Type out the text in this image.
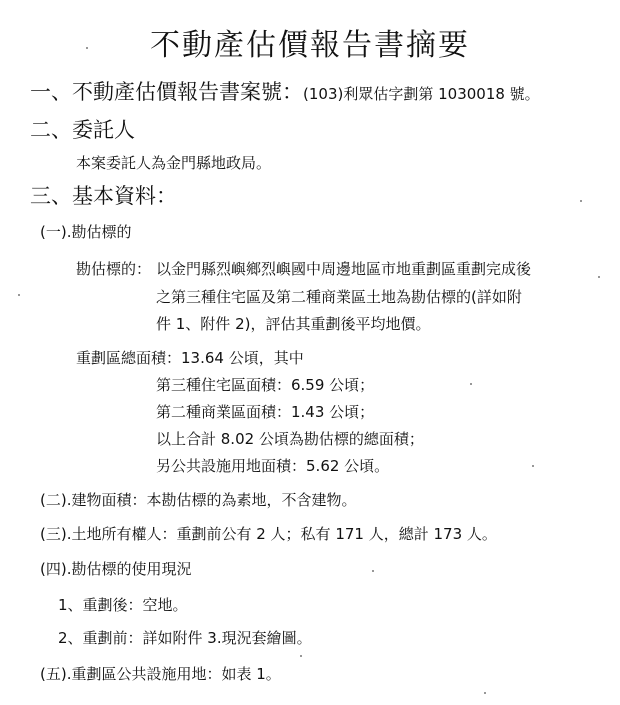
不動產估價報告書摘要
一、不動產估價報告書案號：(103)利眾估字劃第 1030018 號。
二、委託人
本案委託人為金門縣地政局。
三、基本資料：
(一).勘估標的
勘估標的： 以金門縣烈嶼鄉烈嶼國中周邊地區市地重劃區重劃完成後
之第三種住宅區及第二種商業區土地為勘估標的(詳如附
件 1、附件 2)，評估其重劃後平均地價。
重劃區總面積：13.64 公頃，其中
第三種住宅區面積：6.59 公頃；
第二種商業區面積：1.43 公頃；
以上合計 8.02 公頃為勘估標的總面積；
另公共設施用地面積：5.62 公頃。
(二).建物面積：本勘估標的為素地，不含建物。
(三).土地所有權人：重劃前公有 2 人；私有 171 人，總計 173 人。
(四).勘估標的使用現況
1、重劃後：空地。
2、重劃前：詳如附件 3.現況套繪圖。
(五).重劃區公共設施用地：如表 1。
